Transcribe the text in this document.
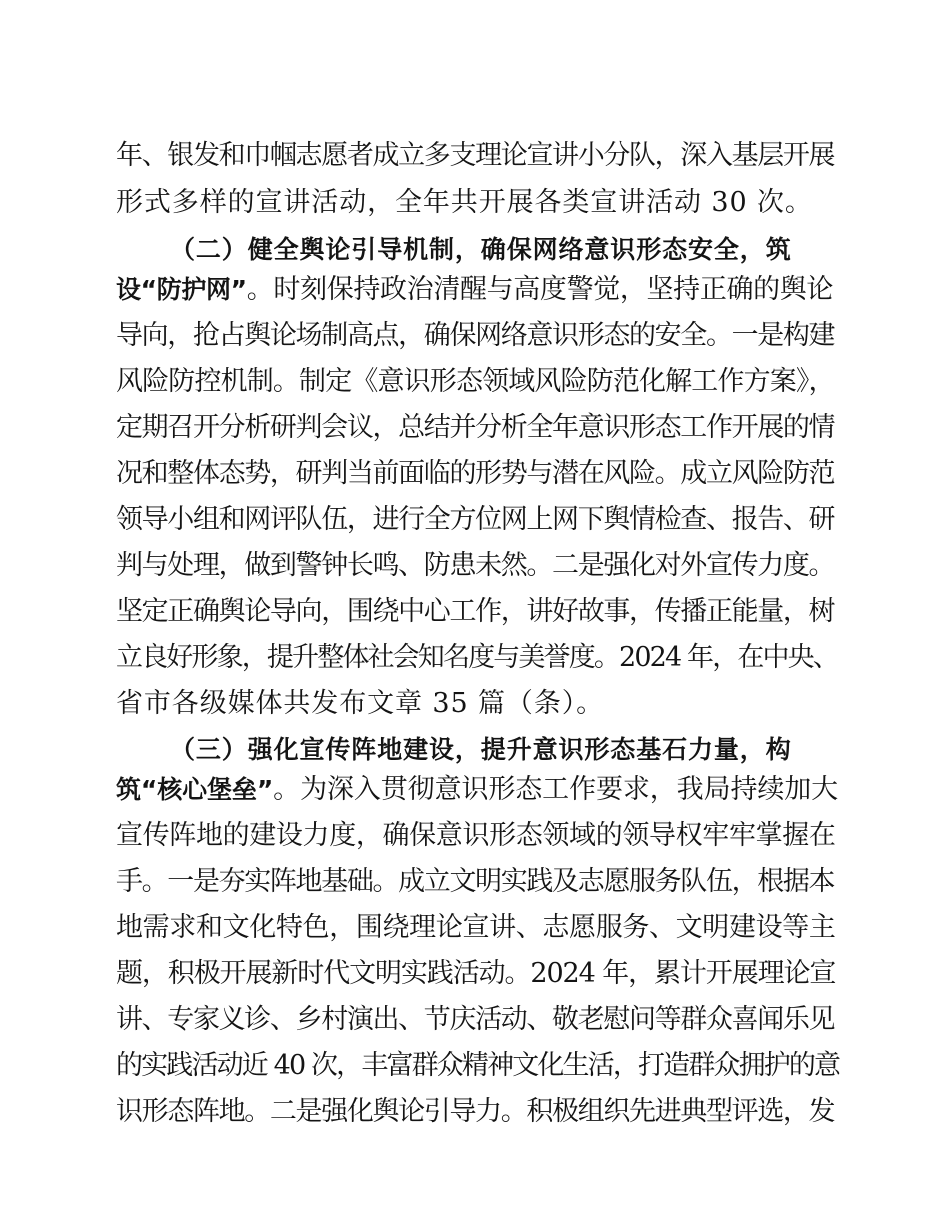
年、银发和巾帼志愿者成立多支理论宣讲小分队，深入基层开展
形式多样的宣讲活动，全年共开展各类宣讲活动 30 次。
（二）健全舆论引导机制，确保网络意识形态安全，筑
设“防护网”。时刻保持政治清醒与高度警觉，坚持正确的舆论
导向，抢占舆论场制高点，确保网络意识形态的安全。一是构建
风险防控机制。制定《意识形态领域风险防范化解工作方案》，
定期召开分析研判会议，总结并分析全年意识形态工作开展的情
况和整体态势，研判当前面临的形势与潜在风险。成立风险防范
领导小组和网评队伍，进行全方位网上网下舆情检查、报告、研
判与处理，做到警钟长鸣、防患未然。二是强化对外宣传力度。
坚定正确舆论导向，围绕中心工作，讲好故事，传播正能量，树
立良好形象，提升整体社会知名度与美誉度。2024 年，在中央、
省市各级媒体共发布文章 35 篇（条）。
（三）强化宣传阵地建设，提升意识形态基石力量，构
筑“核心堡垒”。为深入贯彻意识形态工作要求，我局持续加大
宣传阵地的建设力度，确保意识形态领域的领导权牢牢掌握在
手。一是夯实阵地基础。成立文明实践及志愿服务队伍，根据本
地需求和文化特色，围绕理论宣讲、志愿服务、文明建设等主
题，积极开展新时代文明实践活动。2024 年，累计开展理论宣
讲、专家义诊、乡村演出、节庆活动、敬老慰问等群众喜闻乐见
的实践活动近 40 次，丰富群众精神文化生活，打造群众拥护的意
识形态阵地。二是强化舆论引导力。积极组织先进典型评选，发
